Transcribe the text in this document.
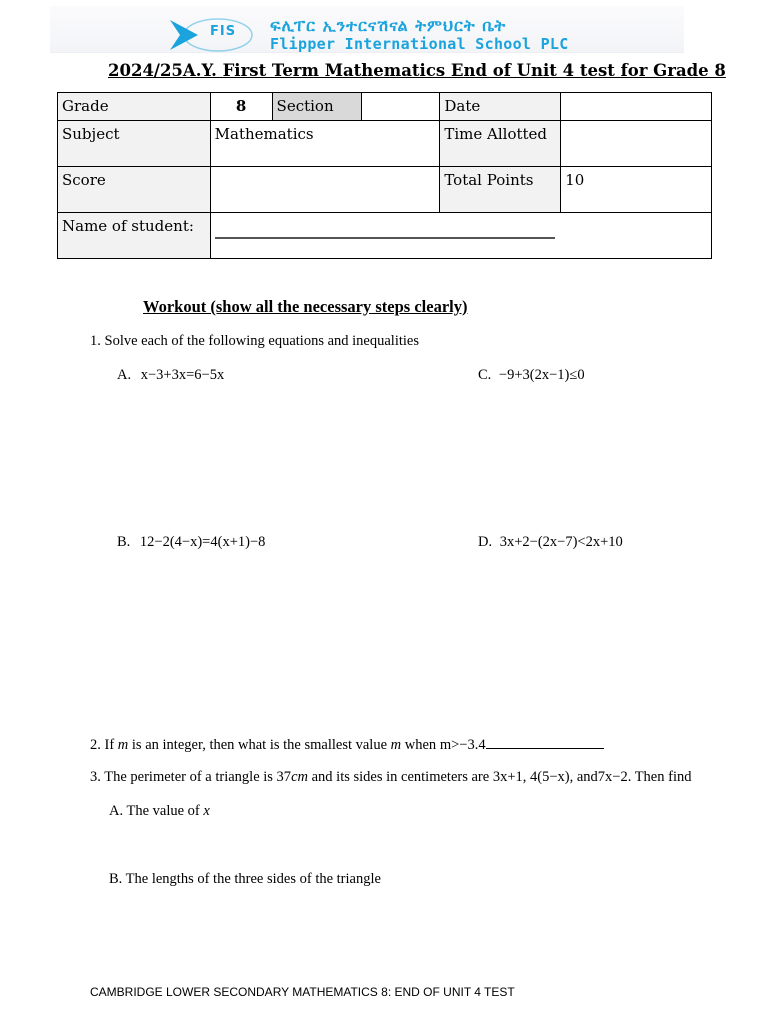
FIS ፍሊፐር ኢንተርናሽናል ትምህርት ቤት
Flipper International School PLC
2024/25A.Y. First Term Mathematics End of Unit 4 test for Grade 8
Grade	8	Section		Date	
Subject	Mathematics			Time Allotted	
Score				Total Points	10
Name of student:					
Workout (show all the necessary steps clearly)
1. Solve each of the following equations and inequalities
A. x−3+3x=6−5x	C. −9+3(2x−1)≤0
B. 12−2(4−x)=4(x+1)−8	D. 3x+2−(2x−7)<2x+10
2. If m is an integer, then what is the smallest value m when m>−3.4
3. The perimeter of a triangle is 37cm and its sides in centimeters are 3x+1, 4(5−x), and7x−2. Then find
A. The value of x
B. The lengths of the three sides of the triangle
CAMBRIDGE LOWER SECONDARY MATHEMATICS 8: END OF UNIT 4 TEST
